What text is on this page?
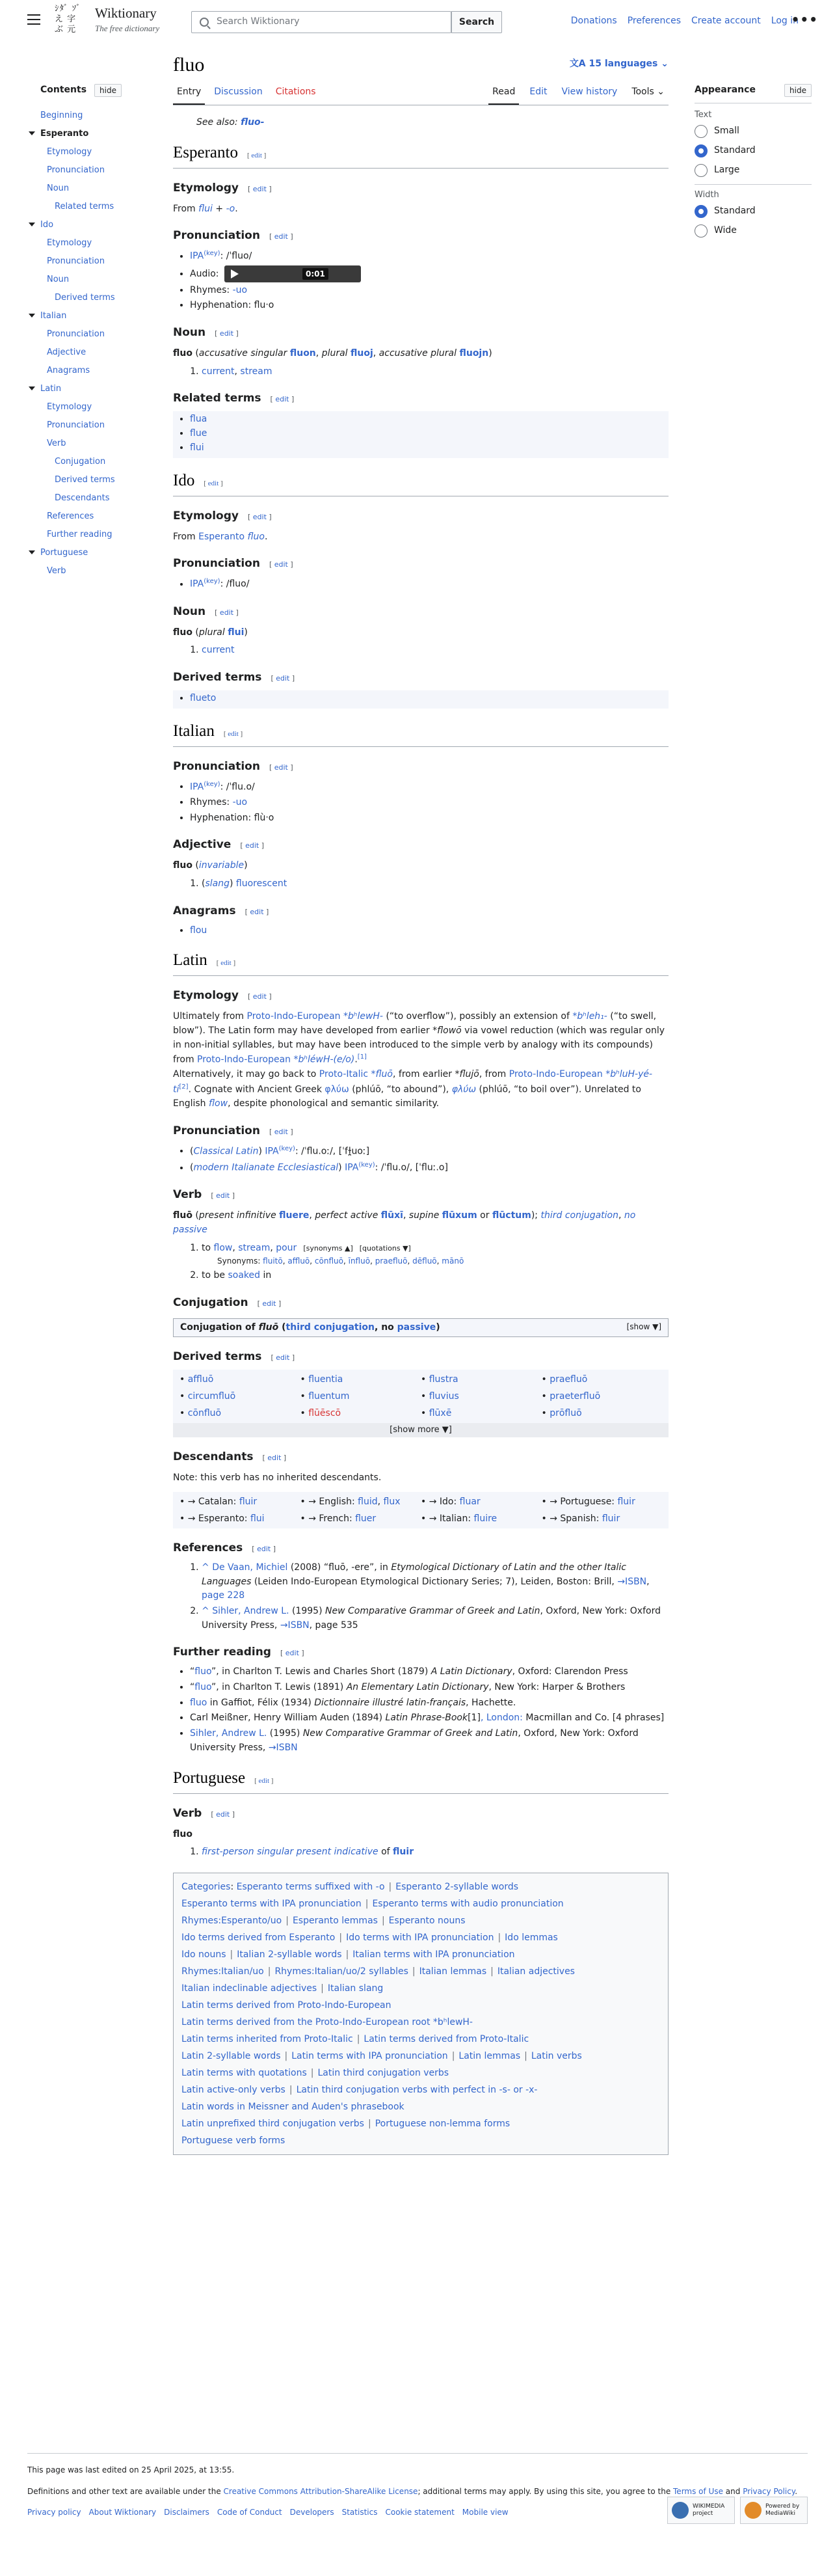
ｼﾀﾞ ｿﾞ
え 字
ぶ 元
Wiktionary
The free dictionary
Search Wiktionary	Search	Donations Preferences Create account Log in
•••
Contents	hide
Beginning
Esperanto
Etymology
Pronunciation
Noun
Related terms
Ido
Etymology
Pronunciation
Noun
Derived terms
Italian
Pronunciation
Adjective
Anagrams
Latin
Etymology
Pronunciation
Verb
Conjugation
Derived terms
Descendants
References
Further reading
Portuguese
Verb
Appearance	hide
Text
Small
Standard
Large
Width
Standard
Wide
fluo	文A 15 languages ⌄
Entry	Discussion	Citations	Read	Edit	View history	Tools ⌄
See also: fluo-
Esperanto [ edit ]
Etymology [ edit ]

From flui + -o.

Pronunciation [ edit ]
• $IPA^{(key)}$: /ˈfluo/
• Audio:	0:01
• Rhymes: -uo
• Hyphenation: flu‧o
Noun [ edit ]

fluo (accusative singular fluon, plural fluoj, accusative plural fluojn)

1. current, stream
Related terms [ edit ]
• flua
• flue
• flui
Ido [ edit ]
Etymology [ edit ]

From Esperanto fluo.

Pronunciation [ edit ]
• $IPA^{(key)}$: /fluo/
Noun [ edit ]

fluo (plural flui)

1. current
Derived terms [ edit ]
• flueto
Italian [ edit ]
Pronunciation [ edit ]
• $IPA^{(key)}$: /ˈflu.o/
• Rhymes: -uo
• Hyphenation: flù‧o
Adjective [ edit ]

fluo (invariable)

1. (slang) fluorescent
Anagrams [ edit ]
• flou
Latin [ edit ]
Etymology [ edit ]

Ultimately from Proto-Indo-European *bʰlewH- (“to overflow”), possibly an extension of *bʰleh₁- (“to swell, blow”). The Latin form may have developed from earlier *flowō via vowel reduction (which was regular only in non-initial syllables, but may have been introduced to the simple verb by analogy with its compounds) from Proto-Indo-European *bʰléwH-(e/o).[1]

Alternatively, it may go back to Proto-Italic *fluō, from earlier *flujō, from Proto-Indo-European *bʰluH-yé-ti[2]. Cognate with Ancient Greek φλύω (phlúō, “to abound”), φλύω (phlúō, “to boil over”). Unrelated to English flow, despite phonological and semantic similarity.

Pronunciation [ edit ]
• (Classical Latin) $IPA^{(key)}$: /ˈflu.oː/, [ˈfɫ̪uoː]
• (modern Italianate Ecclesiastical) $IPA^{(key)}$: /ˈflu.o/, [ˈfluː.o]
Verb [ edit ]

fluō (present infinitive fluere, perfect active flūxī, supine flūxum or flūctum); third conjugation, no passive

1. to flow, stream, pour [synonyms ▲] [quotations ▼]
Synonyms: fluitō, affluō, cōnfluō, īnfluō, praefluō, dēfluō, mānō
2. to be soaked in
Conjugation [ edit ]
Conjugation of fluō (third conjugation, no passive)	[show ▼]
Derived terms [ edit ]
• affluō
• circumfluō
• cōnfluō
• fluentia
• fluentum
• flūēscō
• flustra
• fluvius
• flūxē
• praefluō
• praeterfluō
• prōfluō
[show more ▼]
Descendants [ edit ]

Note: this verb has no inherited descendants.

• → Catalan: fluir
• → Esperanto: flui
• → English: fluid, flux
• → French: fluer
• → Ido: fluar
• → Italian: fluire
• → Portuguese: fluir
• → Spanish: fluir
References [ edit ]
1. ^ De Vaan, Michiel (2008) “fluō, -ere”, in Etymological Dictionary of Latin and the other Italic Languages (Leiden Indo-European Etymological Dictionary Series; 7), Leiden, Boston: Brill, →ISBN, page 228
2. ^ Sihler, Andrew L. (1995) New Comparative Grammar of Greek and Latin, Oxford, New York: Oxford University Press, →ISBN, page 535
Further reading [ edit ]
• “fluo”, in Charlton T. Lewis and Charles Short (1879) A Latin Dictionary, Oxford: Clarendon Press
• “fluo”, in Charlton T. Lewis (1891) An Elementary Latin Dictionary, New York: Harper & Brothers
• fluo in Gaffiot, Félix (1934) Dictionnaire illustré latin-français, Hachette.
• Carl Meißner, Henry William Auden (1894) Latin Phrase-Book[1], London: Macmillan and Co. [4 phrases]
• Sihler, Andrew L. (1995) New Comparative Grammar of Greek and Latin, Oxford, New York: Oxford University Press, →ISBN
Portuguese [ edit ]
Verb [ edit ]

fluo

1. first-person singular present indicative of fluir
Categories: Esperanto terms suffixed with -o | Esperanto 2-syllable words
Esperanto terms with IPA pronunciation | Esperanto terms with audio pronunciation
Rhymes:Esperanto/uo | Esperanto lemmas | Esperanto nouns
Ido terms derived from Esperanto | Ido terms with IPA pronunciation | Ido lemmas
Ido nouns | Italian 2-syllable words | Italian terms with IPA pronunciation
Rhymes:Italian/uo | Rhymes:Italian/uo/2 syllables | Italian lemmas | Italian adjectives
Italian indeclinable adjectives | Italian slang
Latin terms derived from Proto-Indo-European
Latin terms derived from the Proto-Indo-European root *bʰlewH-
Latin terms inherited from Proto-Italic | Latin terms derived from Proto-Italic
Latin 2-syllable words | Latin terms with IPA pronunciation | Latin lemmas | Latin verbs
Latin terms with quotations | Latin third conjugation verbs
Latin active-only verbs | Latin third conjugation verbs with perfect in -s- or -x-
Latin words in Meissner and Auden's phrasebook
Latin unprefixed third conjugation verbs | Portuguese non-lemma forms
Portuguese verb forms
This page was last edited on 25 April 2025, at 13:55.

Definitions and other text are available under the Creative Commons Attribution-ShareAlike License; additional terms may apply. By using this site, you agree to the Terms of Use and Privacy Policy.

Privacy policy About Wiktionary Disclaimers Code of Conduct Developers Statistics Cookie statement Mobile view

WIKIMEDIA
project
Powered by
MediaWiki
